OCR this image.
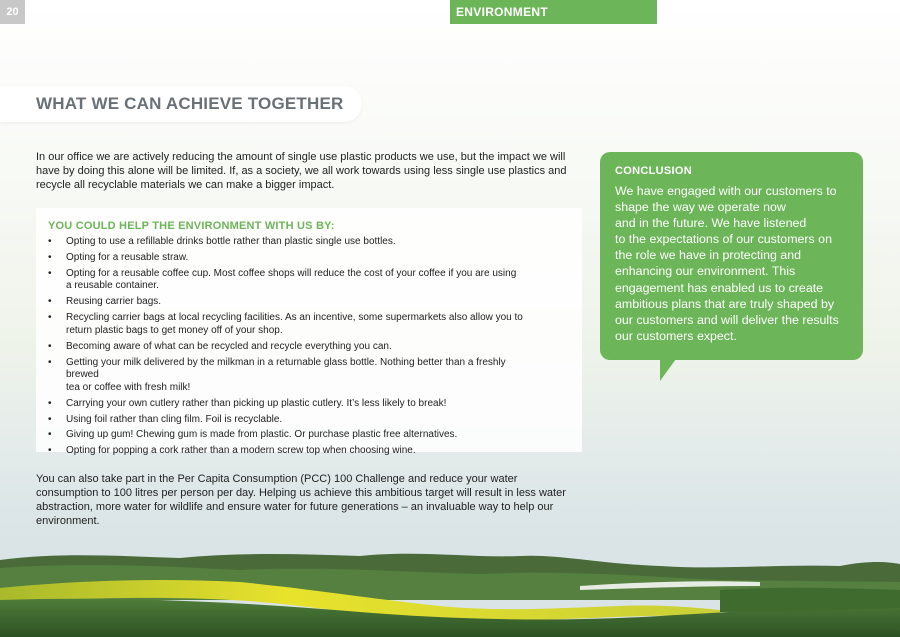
20	ENVIRONMENT
WHAT WE CAN ACHIEVE TOGETHER

In our office we are actively reducing the amount of single use plastic products we use, but the impact we will have by doing this alone will be limited. If, as a society, we all work towards using less single use plastics and recycle all recyclable materials we can make a bigger impact.

YOU COULD HELP THE ENVIRONMENT WITH US BY:
• Opting to use a refillable drinks bottle rather than plastic single use bottles.
• Opting for a reusable straw.
• Opting for a reusable coffee cup. Most coffee shops will reduce the cost of your coffee if you are using
a reusable container.
• Reusing carrier bags.
• Recycling carrier bags at local recycling facilities. As an incentive, some supermarkets also allow you to
return plastic bags to get money off of your shop.
• Becoming aware of what can be recycled and recycle everything you can.
• Getting your milk delivered by the milkman in a returnable glass bottle. Nothing better than a freshly brewed
tea or coffee with fresh milk!
• Carrying your own cutlery rather than picking up plastic cutlery. It’s less likely to break!
• Using foil rather than cling film. Foil is recyclable.
• Giving up gum! Chewing gum is made from plastic. Or purchase plastic free alternatives.
• Opting for popping a cork rather than a modern screw top when choosing wine.

You can also take part in the Per Capita Consumption (PCC) 100 Challenge and reduce your water consumption to 100 litres per person per day. Helping us achieve this ambitious target will result in less water abstraction, more water for wildlife and ensure water for future generations – an invaluable way to help our environment.

CONCLUSION

We have engaged with our customers to
shape the way we operate now
and in the future. We have listened
to the expectations of our customers on
the role we have in protecting and
enhancing our environment. This
engagement has enabled us to create
ambitious plans that are truly shaped by
our customers and will deliver the results
our customers expect.
